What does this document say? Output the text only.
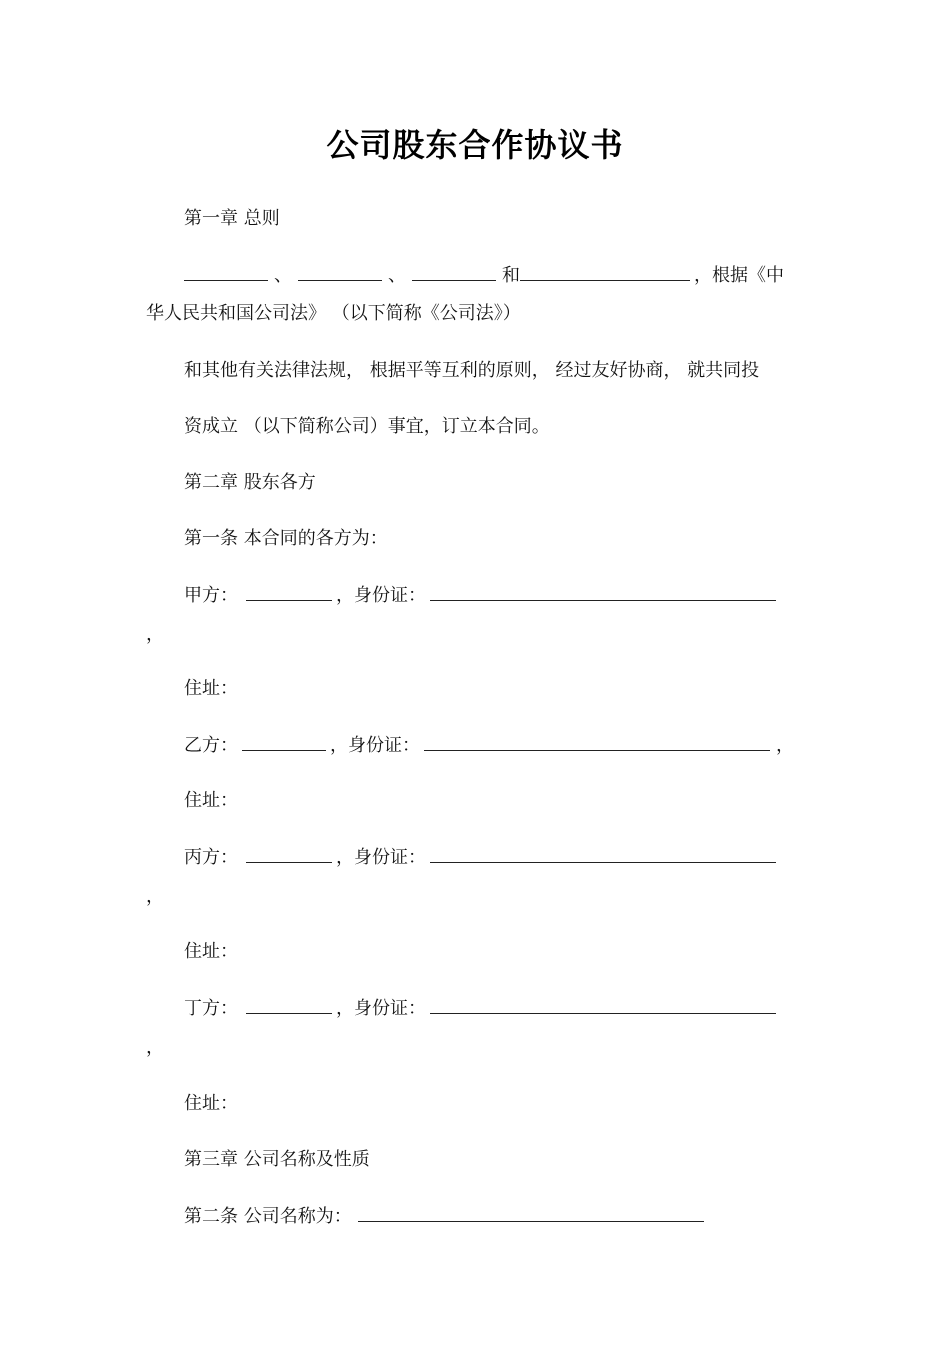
公司股东合作协议书
第一章 总则
、	、	和	，根据《中
华人民共和国公司法》 （以下简称《公司法》）
和其他有关法律法规， 根据平等互利的原则， 经过友好协商， 就共同投
资成立 （以下简称公司）事宜，订立本合同。
第二章 股东各方
第一条 本合同的各方为：
甲方：	，身份证：
，
住址：
乙方：	，身份证：	，
住址：
丙方：	，身份证：
，
住址：
丁方：	，身份证：
，
住址：
第三章 公司名称及性质
第二条 公司名称为：
